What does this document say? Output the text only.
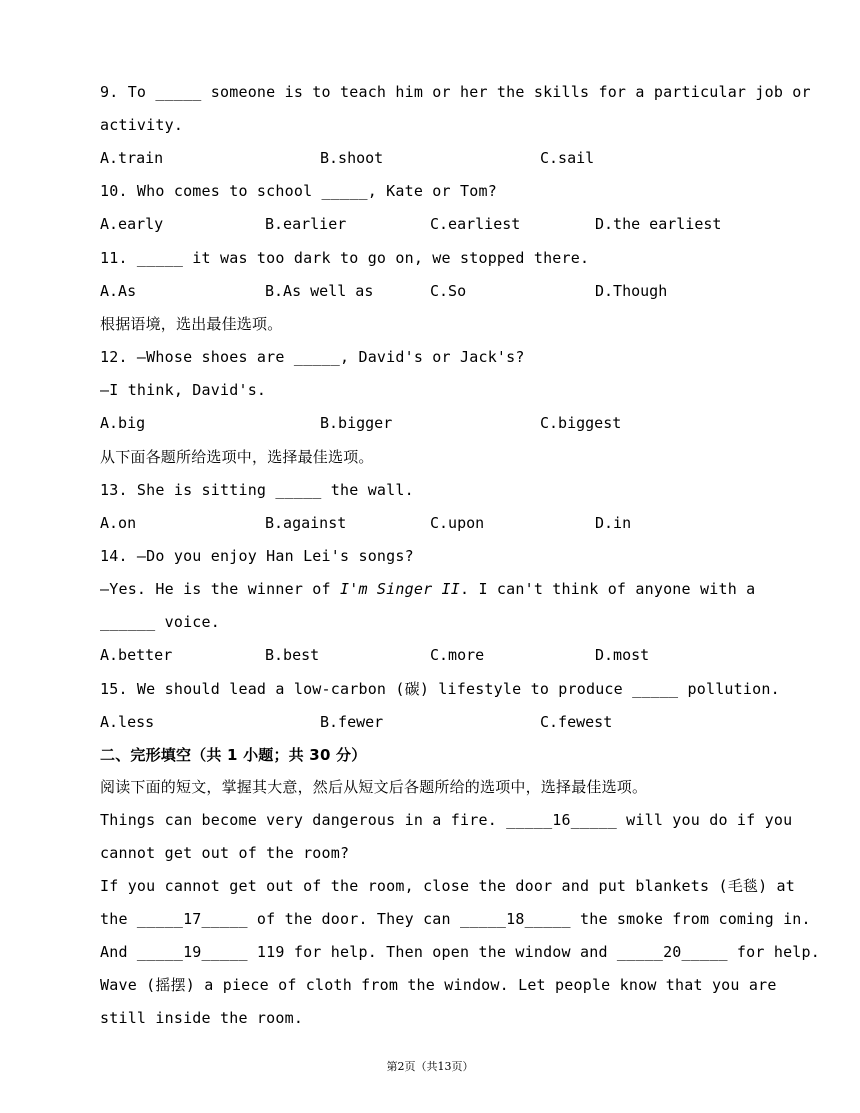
9. To _____ someone is to teach him or her the skills for a particular job or
activity.
A.train	B.shoot	C.sail
10. Who comes to school _____, Kate or Tom?
A.early	B.earlier	C.earliest	D.the earliest
11. _____ it was too dark to go on, we stopped there.
A.As	B.As well as	C.So	D.Though
根据语境，选出最佳选项。
12. —Whose shoes are _____, David's or Jack's?
—I think, David's.
A.big	B.bigger	C.biggest
从下面各题所给选项中，选择最佳选项。
13. She is sitting _____ the wall.
A.on	B.against	C.upon	D.in
14. —Do you enjoy Han Lei's songs?
—Yes. He is the winner of I'm Singer II. I can't think of anyone with a
______ voice.
A.better	B.best	C.more	D.most
15. We should lead a low-carbon (碳) lifestyle to produce _____ pollution.
A.less	B.fewer	C.fewest
二、完形填空（共 1 小题；共 30 分）
阅读下面的短文，掌握其大意，然后从短文后各题所给的选项中，选择最佳选项。
Things can become very dangerous in a fire. _____16_____ will you do if you
cannot get out of the room?
If you cannot get out of the room, close the door and put blankets (毛毯) at
the _____17_____ of the door. They can _____18_____ the smoke from coming in.
And _____19_____ 119 for help. Then open the window and _____20_____ for help.
Wave (摇摆) a piece of cloth from the window. Let people know that you are
still inside the room.
第2页（共13页）
